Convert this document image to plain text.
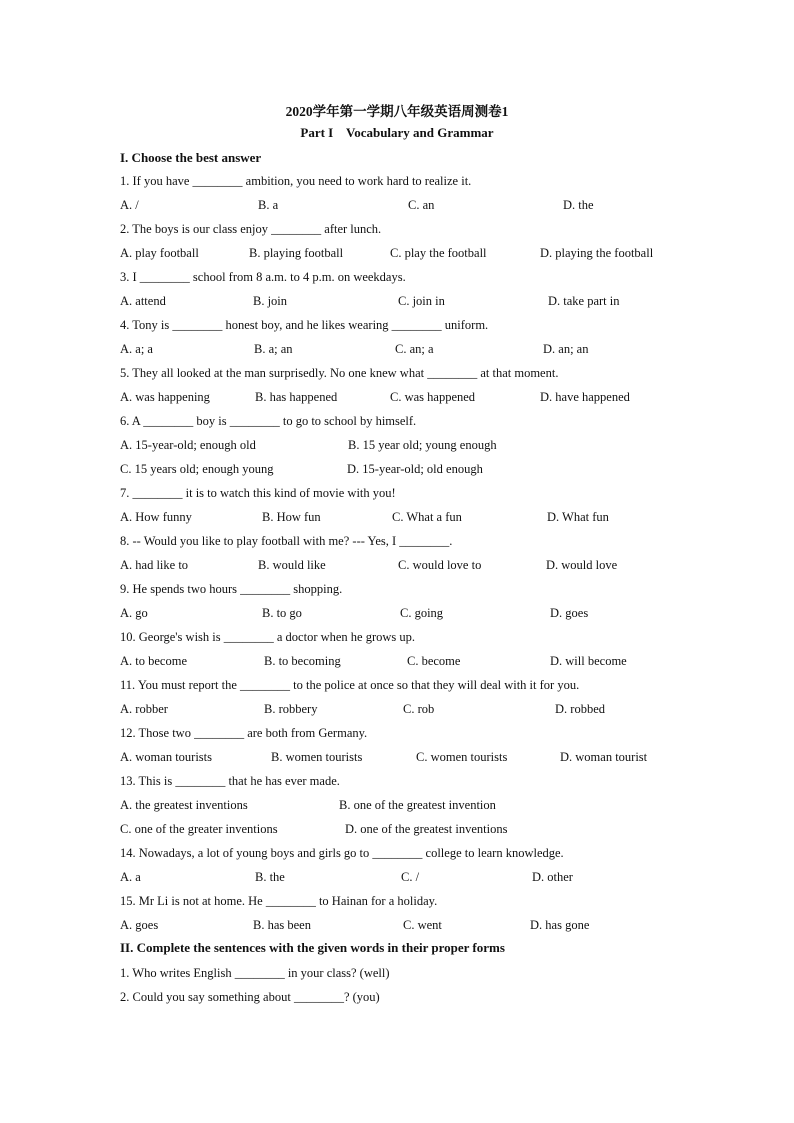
2020学年第一学期八年级英语周测卷1
Part I    Vocabulary and Grammar
I. Choose the best answer
1. If you have ________ ambition, you need to work hard to realize it.
A. /	B. a	C. an	D. the
2. The boys is our class enjoy ________ after lunch.
A. play football	B. playing football	C. play the football	D. playing the football
3. I ________ school from 8 a.m. to 4 p.m. on weekdays.
A. attend	B. join	C. join in	D. take part in
4. Tony is ________ honest boy, and he likes wearing ________ uniform.
A. a; a	B. a; an	C. an; a	D. an; an
5. They all looked at the man surprisedly. No one knew what ________ at that moment.
A. was happening	B. has happened	C. was happened	D. have happened
6. A ________ boy is ________ to go to school by himself.
A. 15-year-old; enough old	B. 15 year old; young enough
C. 15 years old; enough young	D. 15-year-old; old enough
7. ________ it is to watch this kind of movie with you!
A. How funny	B. How fun	C. What a fun	D. What fun
8. -- Would you like to play football with me? --- Yes, I ________.
A. had like to	B. would like	C. would love to	D. would love
9. He spends two hours ________ shopping.
A. go	B. to go	C. going	D. goes
10. George's wish is ________ a doctor when he grows up.
A. to become	B. to becoming	C. become	D. will become
11. You must report the ________ to the police at once so that they will deal with it for you.
A. robber	B. robbery	C. rob	D. robbed
12. Those two ________ are both from Germany.
A. woman tourists	B. women tourists	C. women tourists	D. woman tourist
13. This is ________ that he has ever made.
A. the greatest inventions	B. one of the greatest invention
C. one of the greater inventions	D. one of the greatest inventions
14. Nowadays, a lot of young boys and girls go to ________ college to learn knowledge.
A. a	B. the	C. /	D. other
15. Mr Li is not at home. He ________ to Hainan for a holiday.
A. goes	B. has been	C. went	D. has gone
II. Complete the sentences with the given words in their proper forms
1. Who writes English ________ in your class? (well)
2. Could you say something about ________? (you)
